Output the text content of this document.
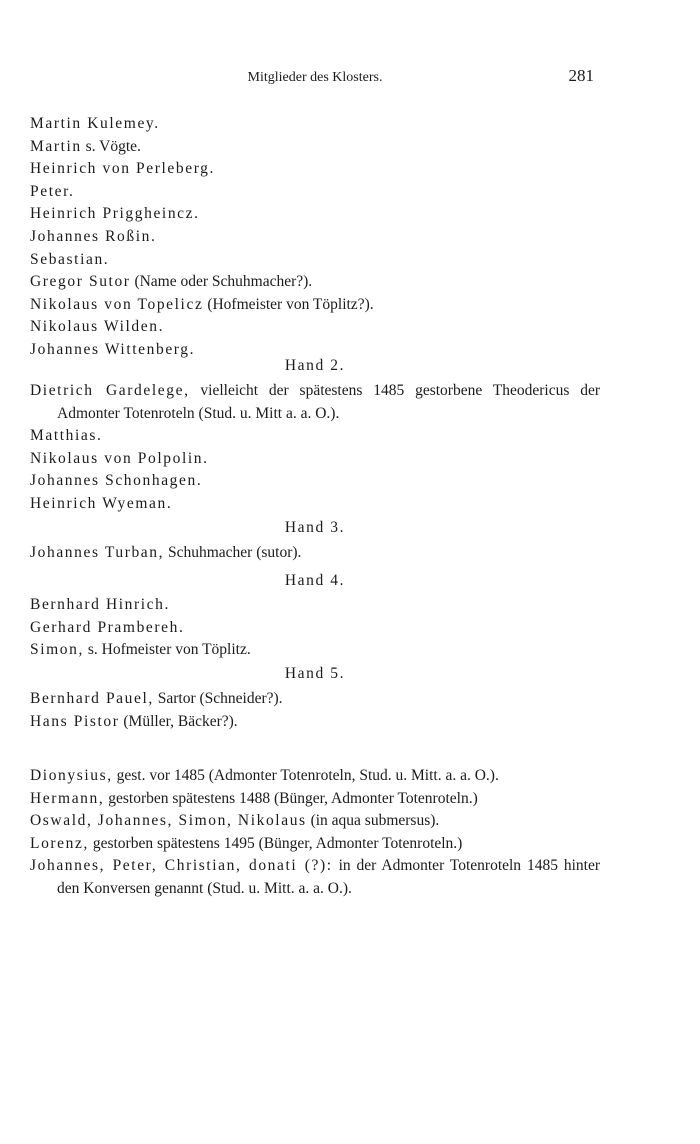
Mitglieder des Klosters.	281
Martin Kulemey.
Martin s. Vögte.
Heinrich von Perleberg.
Peter.
Heinrich Priggheincz.
Johannes Roßin.
Sebastian.
Gregor Sutor (Name oder Schuhmacher?).
Nikolaus von Topelicz (Hofmeister von Töplitz?).
Nikolaus Wilden.
Johannes Wittenberg.
Hand 2.
Dietrich Gardelege, vielleicht der spätestens 1485 gestorbene Theodericus der Admonter Totenroteln (Stud. u. Mitt a. a. O.).
Matthias.
Nikolaus von Polpolin.
Johannes Schonhagen.
Heinrich Wyeman.
Hand 3.
Johannes Turban, Schuhmacher (sutor).
Hand 4.
Bernhard Hinrich.
Gerhard Prambereh.
Simon, s. Hofmeister von Töplitz.
Hand 5.
Bernhard Pauel, Sartor (Schneider?).
Hans Pistor (Müller, Bäcker?).
Dionysius, gest. vor 1485 (Admonter Totenroteln, Stud. u. Mitt. a. a. O.).
Hermann, gestorben spätestens 1488 (Bünger, Admonter Totenroteln.)
Oswald, Johannes, Simon, Nikolaus (in aqua submersus).
Lorenz, gestorben spätestens 1495 (Bünger, Admonter Totenroteln.)
Johannes, Peter, Christian, donati (?): in der Admonter Totenroteln 1485 hinter den Konversen genannt (Stud. u. Mitt. a. a. O.).
